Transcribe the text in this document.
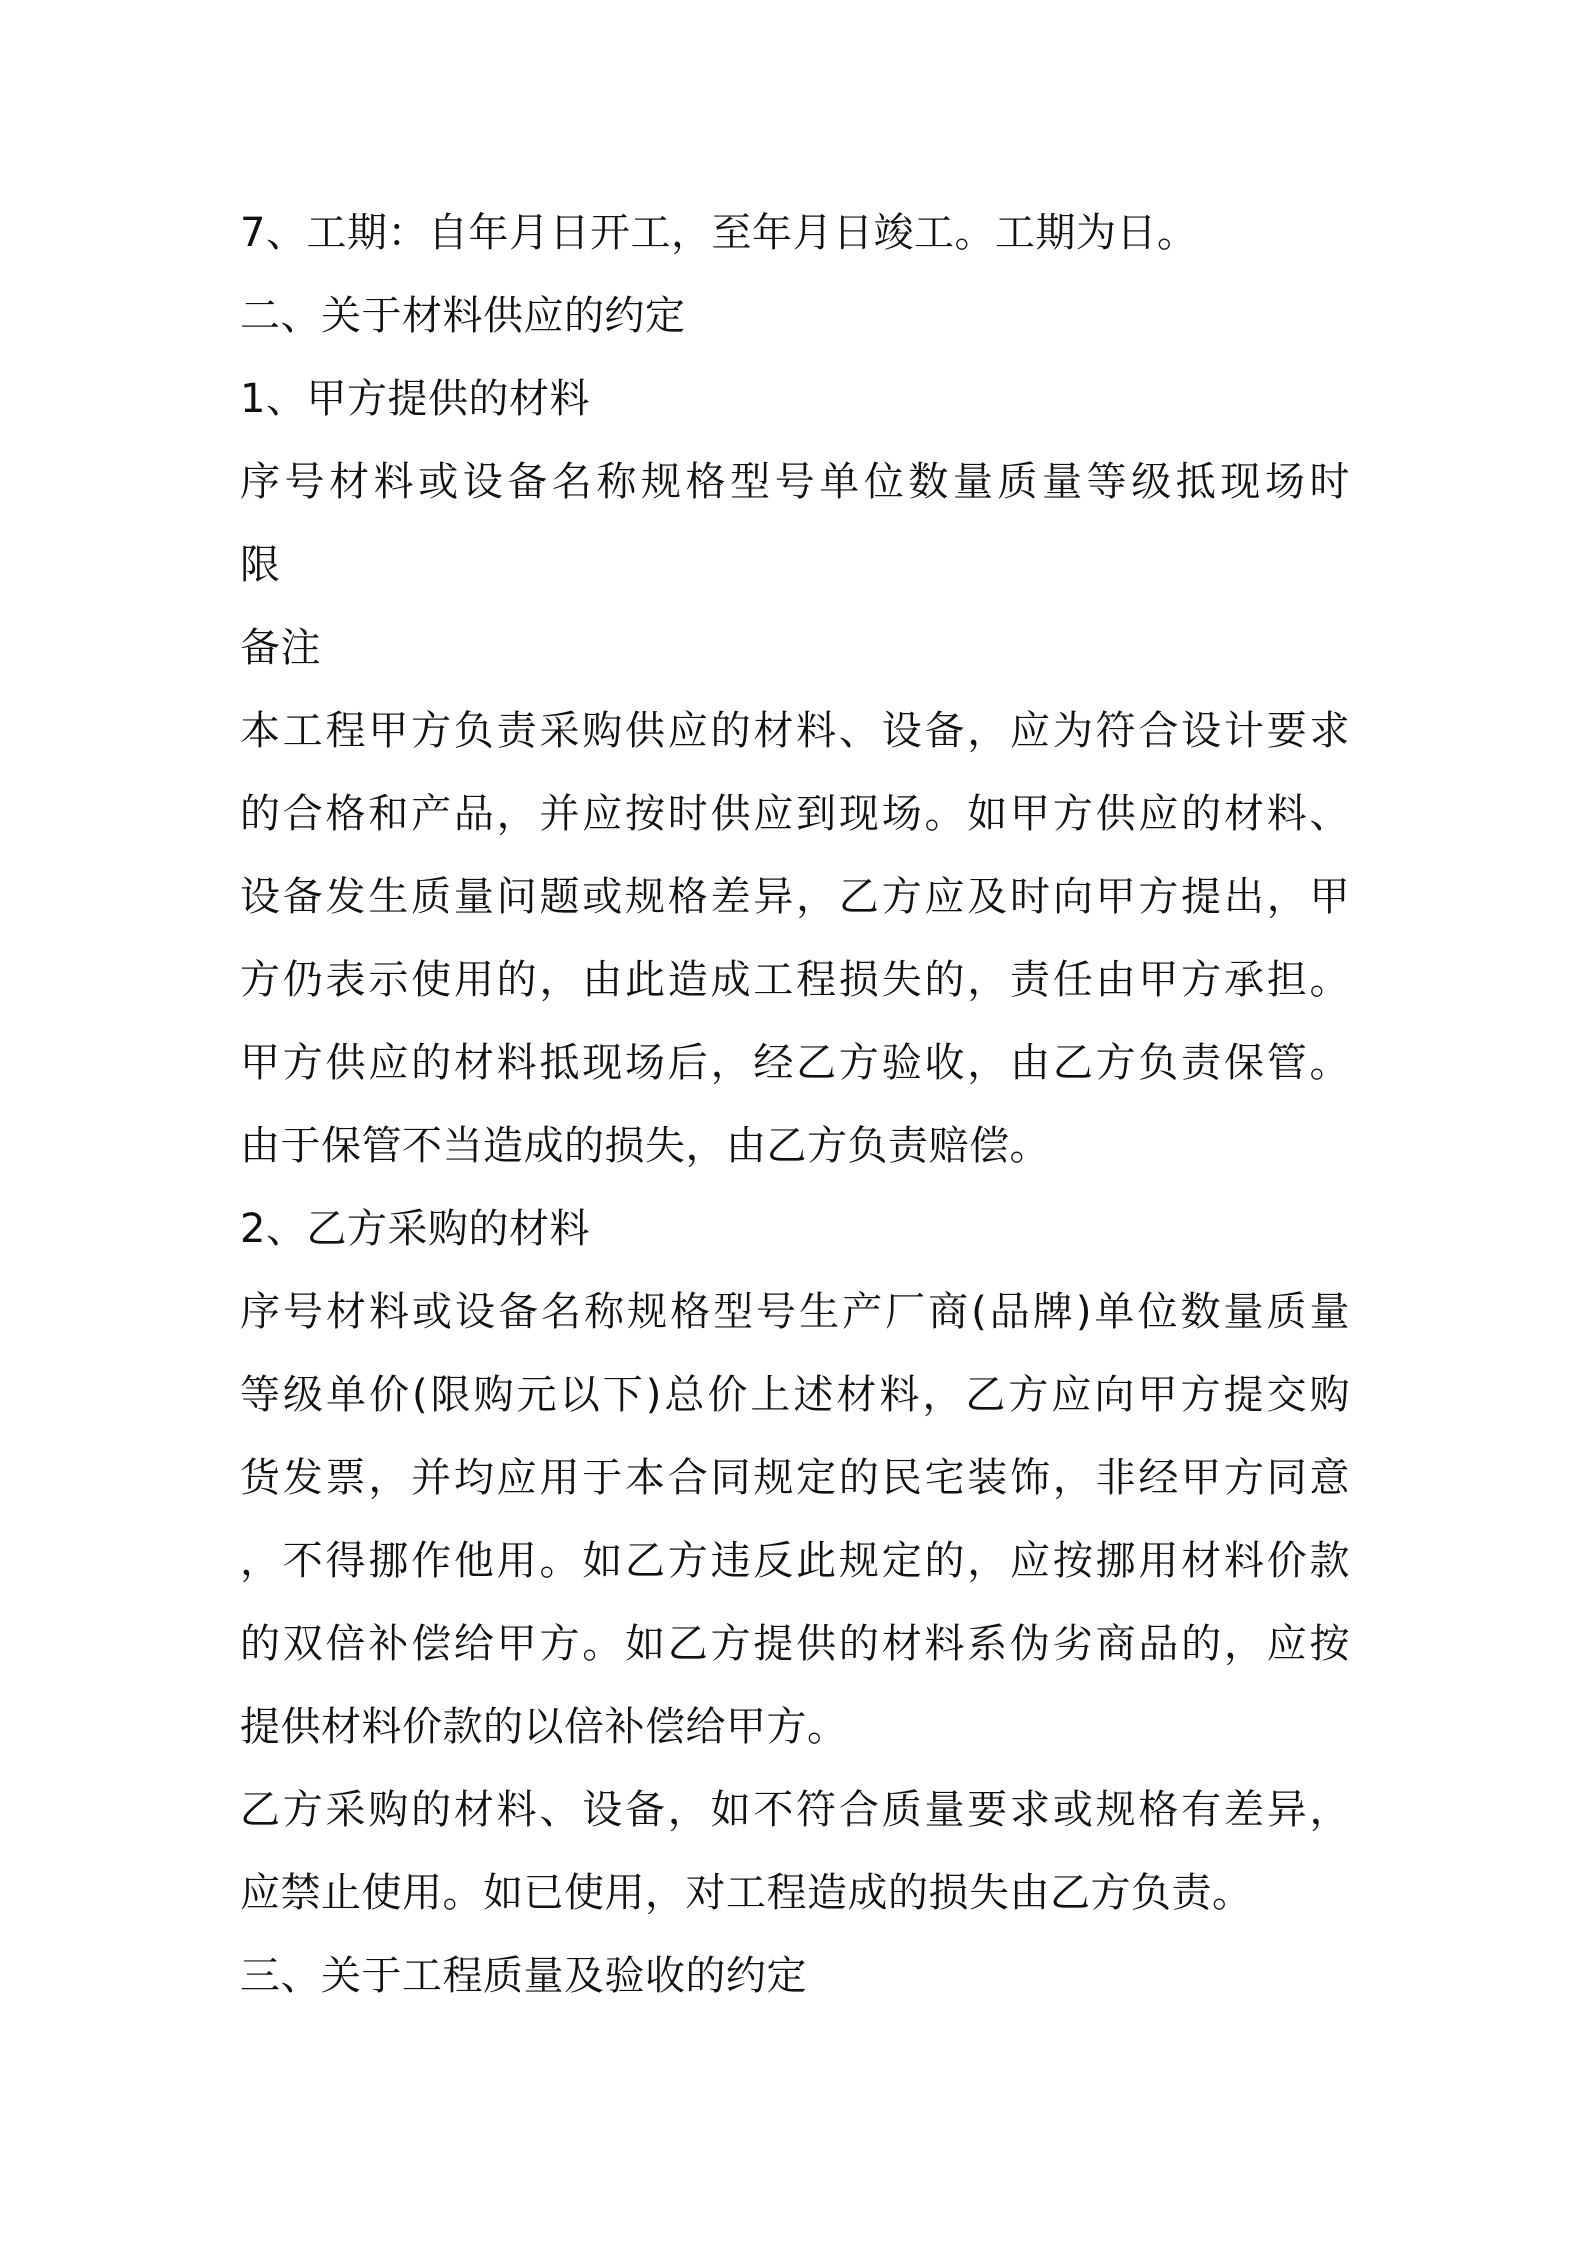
7、工期：自年月日开工，至年月日竣工。工期为日。
二、关于材料供应的约定
1、甲方提供的材料
序号材料或设备名称规格型号单位数量质量等级抵现场时
限
备注
本工程甲方负责采购供应的材料、设备，应为符合设计要求
的合格和产品，并应按时供应到现场。如甲方供应的材料、
设备发生质量问题或规格差异，乙方应及时向甲方提出，甲
方仍表示使用的，由此造成工程损失的，责任由甲方承担。
甲方供应的材料抵现场后，经乙方验收，由乙方负责保管。
由于保管不当造成的损失，由乙方负责赔偿。
2、乙方采购的材料
序号材料或设备名称规格型号生产厂商(品牌)单位数量质量
等级单价(限购元以下)总价上述材料，乙方应向甲方提交购
货发票，并均应用于本合同规定的民宅装饰，非经甲方同意
，不得挪作他用。如乙方违反此规定的，应按挪用材料价款
的双倍补偿给甲方。如乙方提供的材料系伪劣商品的，应按
提供材料价款的以倍补偿给甲方。
乙方采购的材料、设备，如不符合质量要求或规格有差异，
应禁止使用。如已使用，对工程造成的损失由乙方负责。
三、关于工程质量及验收的约定
